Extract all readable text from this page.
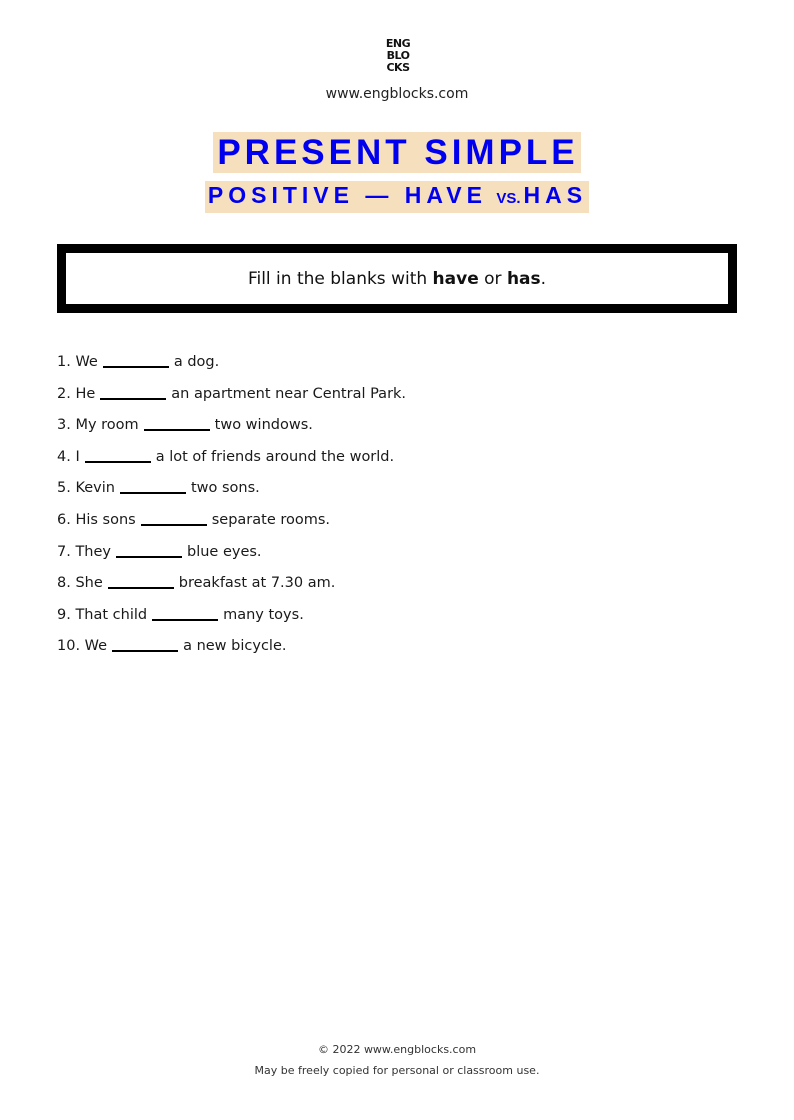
ENG
BLO
CKS
www.engblocks.com
PRESENT SIMPLE
POSITIVE — HAVE VS. HAS
Fill in the blanks with have or has.
1. We	a dog.
2. He	an apartment near Central Park.
3. My room	two windows.
4. I	a lot of friends around the world.
5. Kevin	two sons.
6. His sons	separate rooms.
7. They	blue eyes.
8. She	breakfast at 7.30 am.
9. That child	many toys.
10. We	a new bicycle.
© 2022 www.engblocks.com
May be freely copied for personal or classroom use.
